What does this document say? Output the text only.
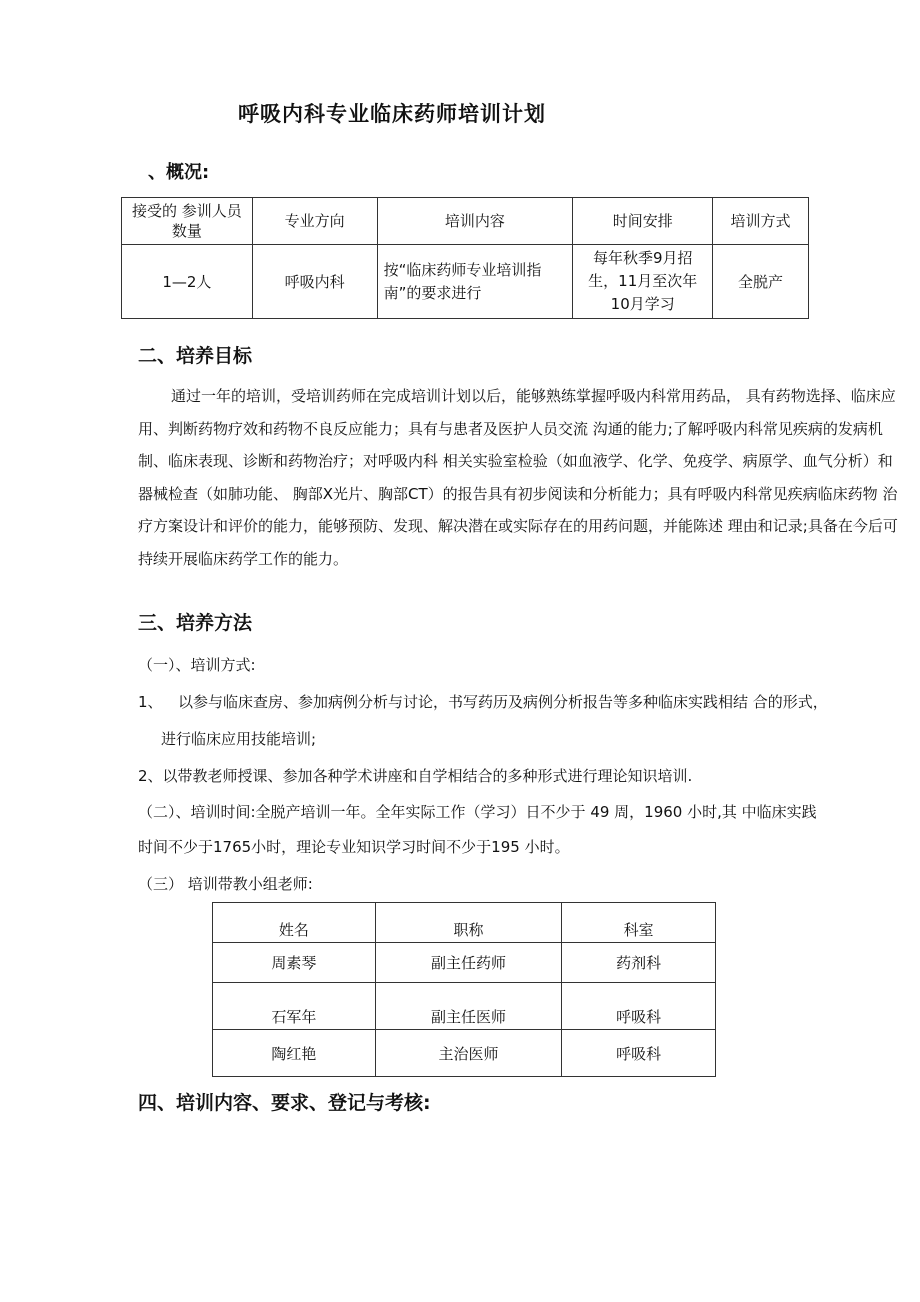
呼吸内科专业临床药师培训计划
、概况:
接受的 参训人员数量	专业方向	培训内容	时间安排	培训方式
1—2人	呼吸内科	按“临床药师专业培训指南”的要求进行	每年秋季9月招生，11月至次年10月学习	全脱产
二、培养目标
通过一年的培训，受培训药师在完成培训计划以后，能够熟练掌握呼吸内科常用药品， 具有药物选择、临床应用、判断药物疗效和药物不良反应能力；具有与患者及医护人员交流 沟通的能力;了解呼吸内科常见疾病的发病机制、临床表现、诊断和药物治疗；对呼吸内科 相关实验室检验（如血液学、化学、免疫学、病原学、血气分析）和器械检查（如肺功能、 胸部X光片、胸部CT）的报告具有初步阅读和分析能力；具有呼吸内科常见疾病临床药物 治疗方案设计和评价的能力，能够预防、发现、解决潜在或实际存在的用药问题，并能陈述 理由和记录;具备在今后可持续开展临床药学工作的能力。
三、培养方法
（一）、培训方式:
1、 以参与临床查房、参加病例分析与讨论，书写药历及病例分析报告等多种临床实践相结 合的形式，
进行临床应用技能培训;
2、以带教老师授课、参加各种学术讲座和自学相结合的多种形式进行理论知识培训.
（二）、培训时间:全脱产培训一年。全年实际工作（学习）日不少于 49 周，1960 小时,其 中临床实践
时间不少于1765小时，理论专业知识学习时间不少于195 小时。
（三） 培训带教小组老师:
姓名	职称	科室
周素琴	副主任药师	药剂科
石军年	副主任医师	呼吸科
陶红艳	主治医师	呼吸科
四、培训内容、要求、登记与考核:
